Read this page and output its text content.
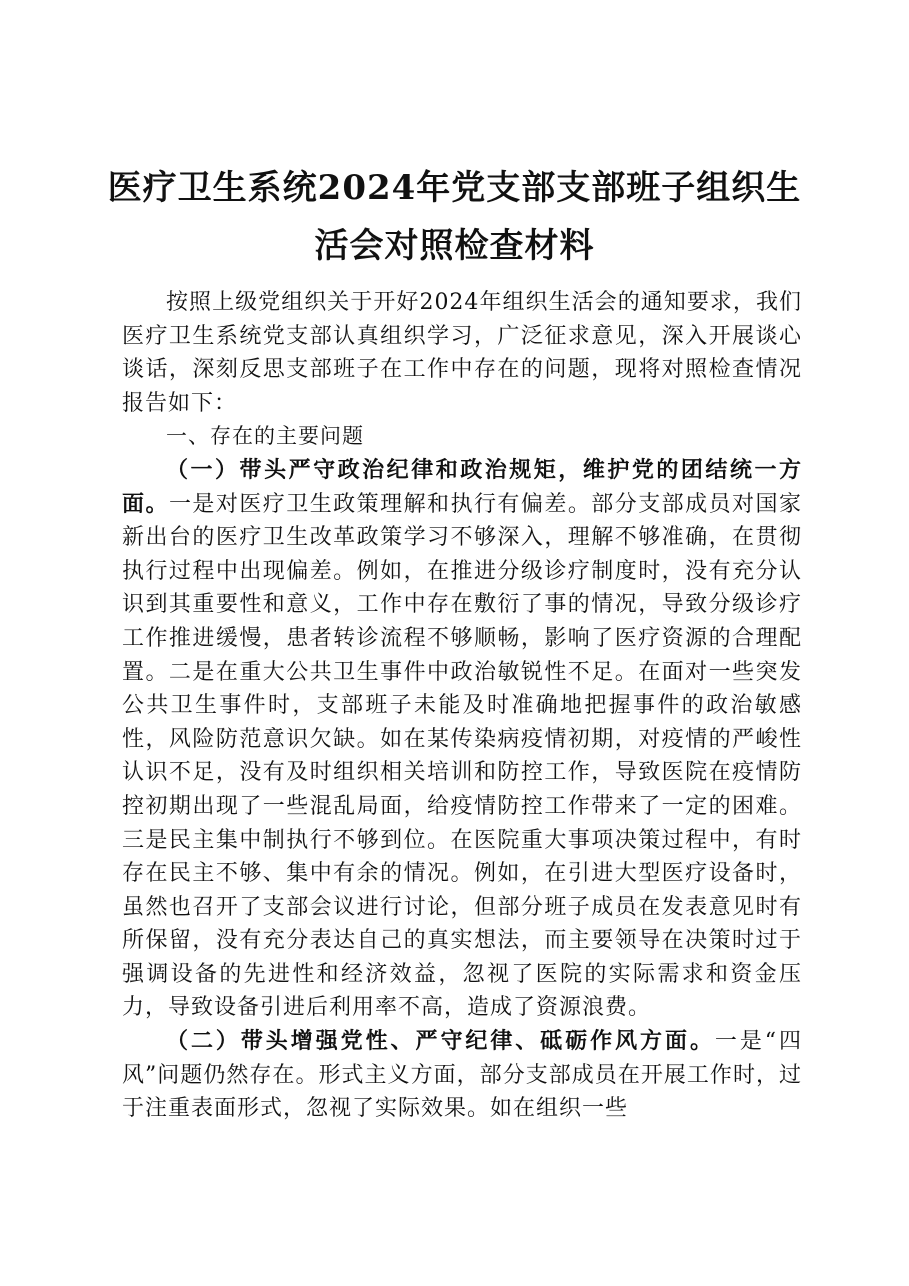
医疗卫生系统2024年党支部支部班子组织生
活会对照检查材料

按照上级党组织关于开好2024年组织生活会的通知要求，我们医疗卫生系统党支部认真组织学习，广泛征求意见，深入开展谈心谈话，深刻反思支部班子在工作中存在的问题，现将对照检查情况报告如下：

一、存在的主要问题

（一）带头严守政治纪律和政治规矩，维护党的团结统一方面。一是对医疗卫生政策理解和执行有偏差。部分支部成员对国家新出台的医疗卫生改革政策学习不够深入，理解不够准确，在贯彻执行过程中出现偏差。例如，在推进分级诊疗制度时，没有充分认识到其重要性和意义，工作中存在敷衍了事的情况，导致分级诊疗工作推进缓慢，患者转诊流程不够顺畅，影响了医疗资源的合理配置。二是在重大公共卫生事件中政治敏锐性不足。在面对一些突发公共卫生事件时，支部班子未能及时准确地把握事件的政治敏感性，风险防范意识欠缺。如在某传染病疫情初期，对疫情的严峻性认识不足，没有及时组织相关培训和防控工作，导致医院在疫情防控初期出现了一些混乱局面，给疫情防控工作带来了一定的困难。三是民主集中制执行不够到位。在医院重大事项决策过程中，有时存在民主不够、集中有余的情况。例如，在引进大型医疗设备时，虽然也召开了支部会议进行讨论，但部分班子成员在发表意见时有所保留，没有充分表达自己的真实想法，而主要领导在决策时过于强调设备的先进性和经济效益，忽视了医院的实际需求和资金压力，导致设备引进后利用率不高，造成了资源浪费。

（二）带头增强党性、严守纪律、砥砺作风方面。一是“四风”问题仍然存在。形式主义方面，部分支部成员在开展工作时，过于注重表面形式，忽视了实际效果。如在组织一些
